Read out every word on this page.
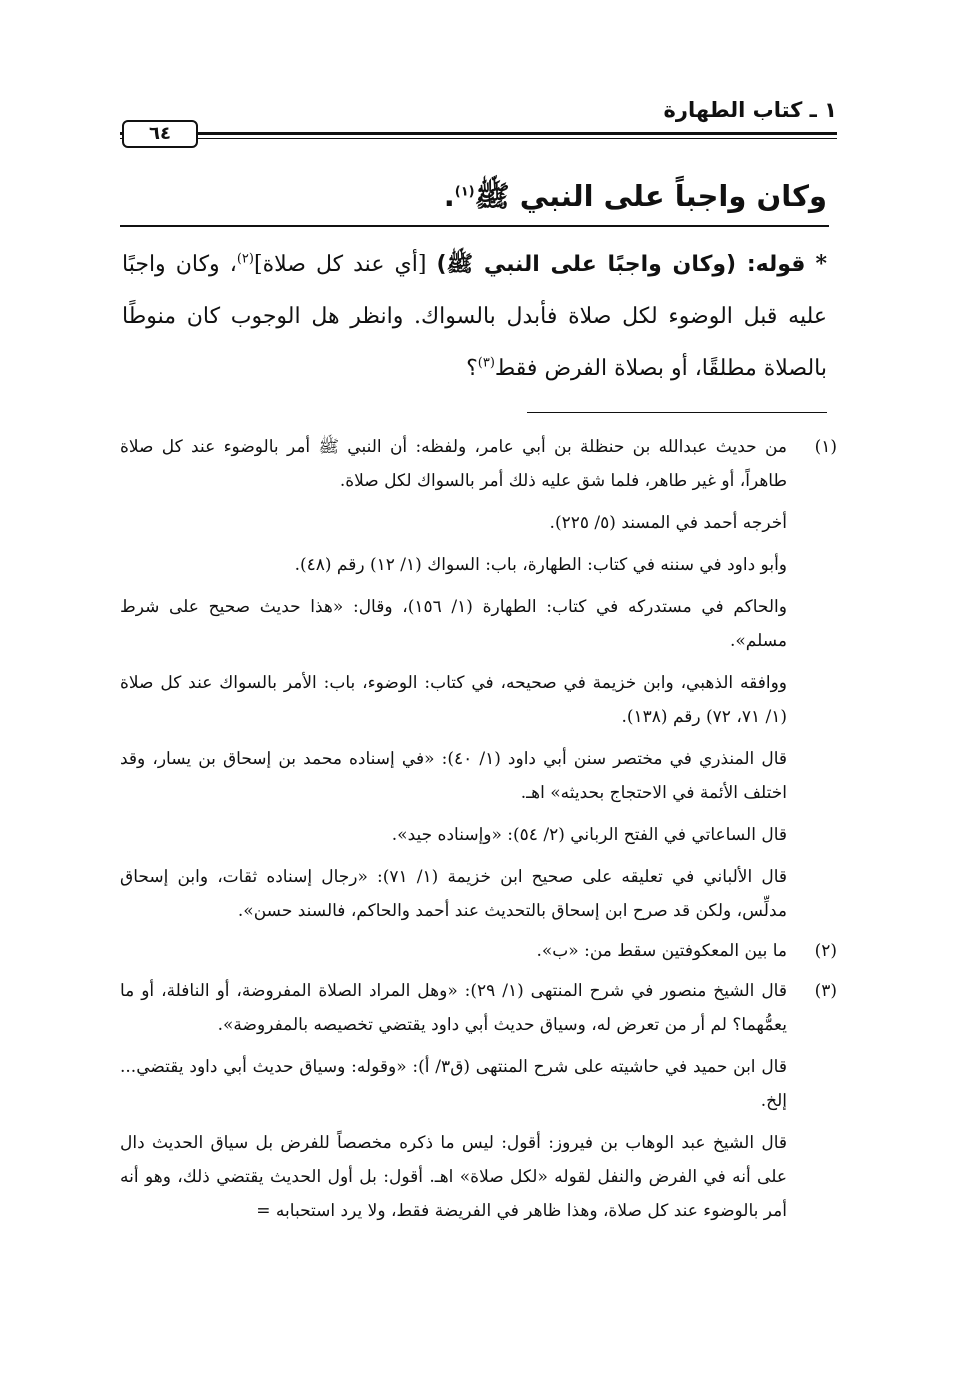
١ ـ كتاب الطهارة
٦٤
وكان واجباً على النبي ﷺ$^{(١)}$.
* قوله: (وكان واجبًا على النبي ﷺ) [أي عند كل صلاة]$^{(٢)}$، وكان واجبًا عليه قبل الوضوء لكل صلاة فأبدل بالسواك. وانظر هل الوجوب كان منوطًا بالصلاة مطلقًا، أو بصلاة الفرض فقط$^{(٣)}$؟
(١)

من حديث عبدالله بن حنظلة بن أبي عامر، ولفظه: أن النبي ﷺ أمر بالوضوء عند كل صلاة طاهراً، أو غير طاهر، فلما شق عليه ذلك أمر بالسواك لكل صلاة.

أخرجه أحمد في المسند (٥/ ٢٢٥).

وأبو داود في سننه في كتاب: الطهارة، باب: السواك (١/ ١٢) رقم (٤٨).

والحاكم في مستدركه في كتاب: الطهارة (١/ ١٥٦)، وقال: «هذا حديث صحيح على شرط مسلم».

ووافقه الذهبي، وابن خزيمة في صحيحه، في كتاب: الوضوء، باب: الأمر بالسواك عند كل صلاة (١/ ٧١، ٧٢) رقم (١٣٨).

قال المنذري في مختصر سنن أبي داود (١/ ٤٠): «في إسناده محمد بن إسحاق بن يسار، وقد اختلف الأئمة في الاحتجاج بحديثه» اهـ.

قال الساعاتي في الفتح الرباني (٢/ ٥٤): «وإسناده جيد».

قال الألباني في تعليقه على صحيح ابن خزيمة (١/ ٧١): «رجال إسناده ثقات، وابن إسحاق مدلِّس، ولكن قد صرح ابن إسحاق بالتحديث عند أحمد والحاكم، فالسند حسن».

(٢)

ما بين المعكوفتين سقط من: «ب».

(٣)

قال الشيخ منصور في شرح المنتهى (١/ ٢٩): «وهل المراد الصلاة المفروضة، أو النافلة، أو ما يعمُّهما؟ لم أر من تعرض له، وسياق حديث أبي داود يقتضي تخصيصه بالمفروضة».

قال ابن حميد في حاشيته على شرح المنتهى (ق٣/ أ): «وقوله: وسياق حديث أبي داود يقتضي... إلخ.

قال الشيخ عبد الوهاب بن فيروز: أقول: ليس ما ذكره مخصصاً للفرض بل سياق الحديث دال على أنه في الفرض والنفل لقوله «لكل صلاة» اهـ. أقول: بل أول الحديث يقتضي ذلك، وهو أنه أمر بالوضوء عند كل صلاة، وهذا ظاهر في الفريضة فقط، ولا يرد استحبابه =
